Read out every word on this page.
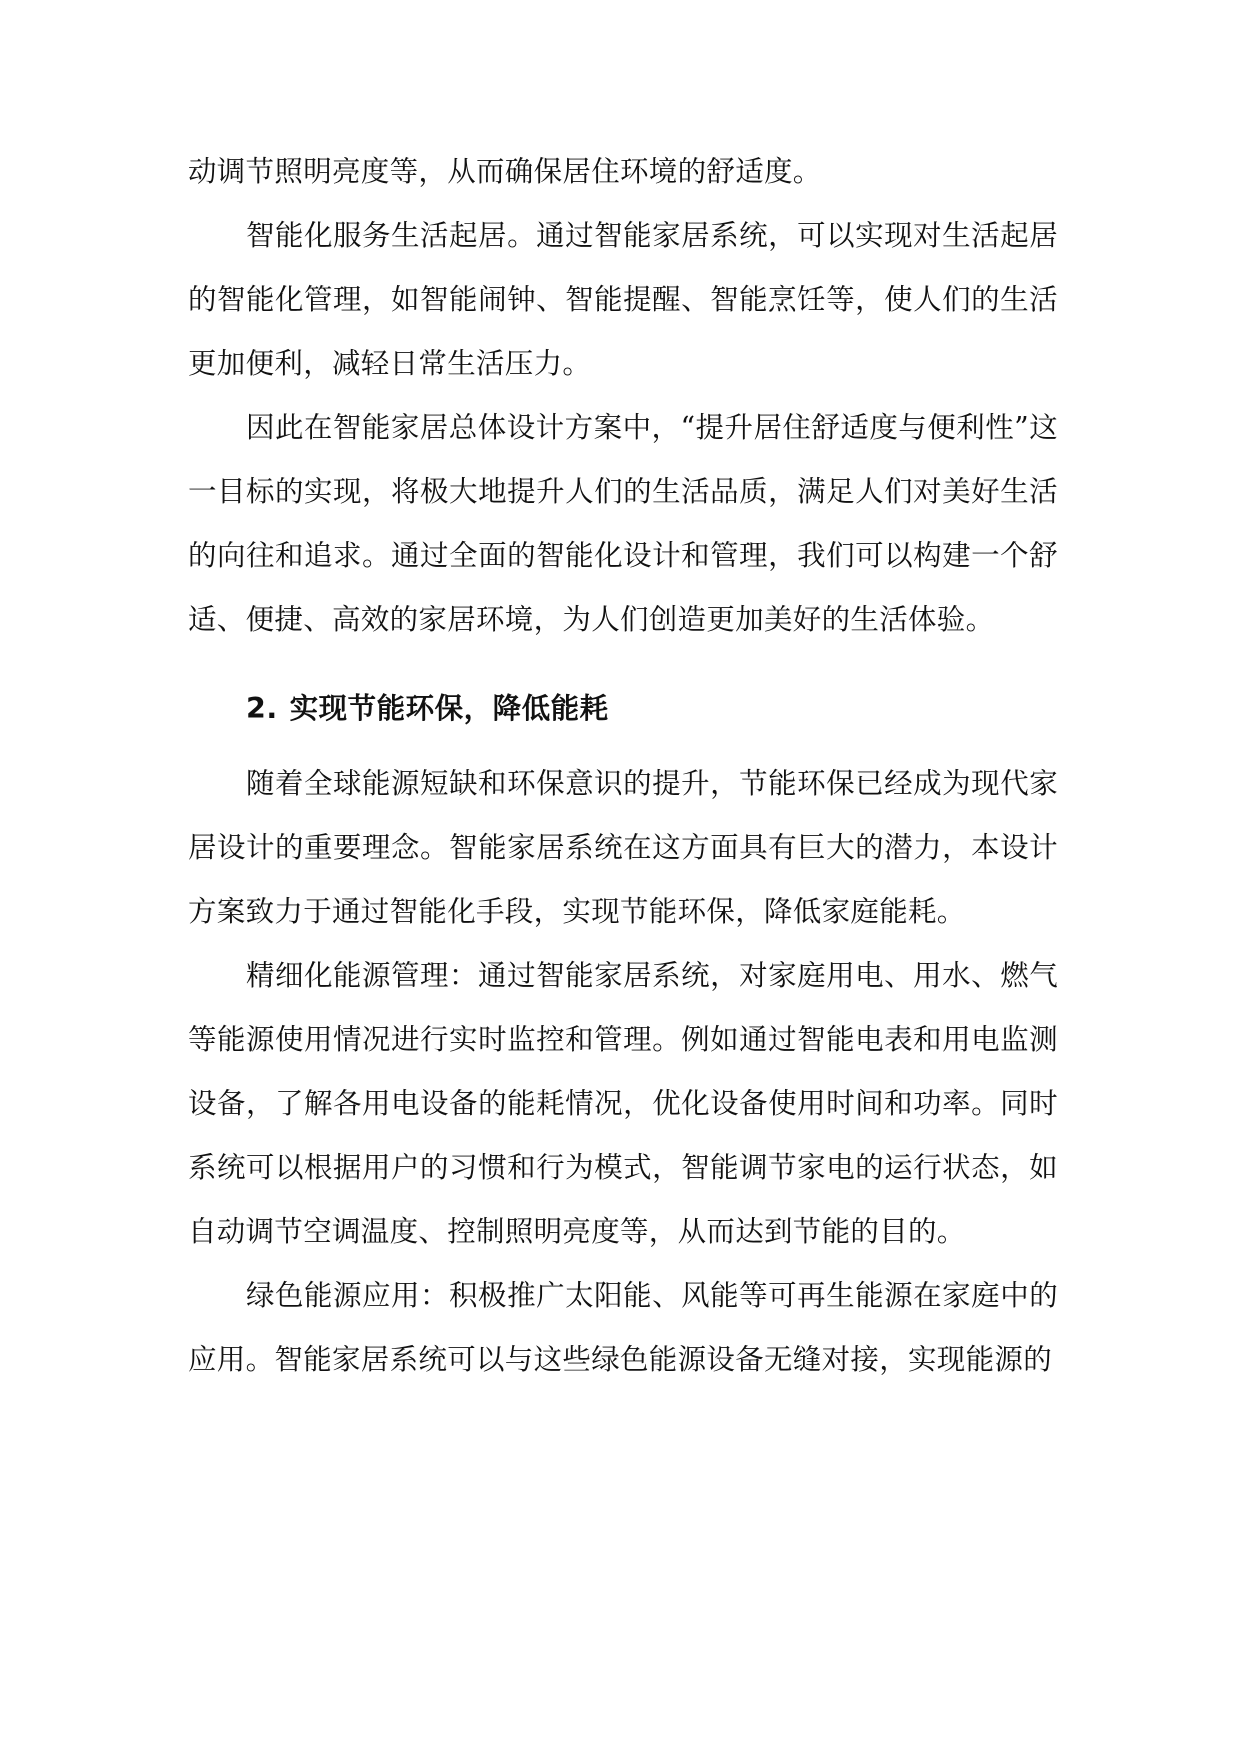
动调节照明亮度等，从而确保居住环境的舒适度。

智能化服务生活起居。通过智能家居系统，可以实现对生活起居的智能化管理，如智能闹钟、智能提醒、智能烹饪等，使人们的生活更加便利，减轻日常生活压力。

因此在智能家居总体设计方案中，“提升居住舒适度与便利性”这一目标的实现，将极大地提升人们的生活品质，满足人们对美好生活的向往和追求。通过全面的智能化设计和管理，我们可以构建一个舒适、便捷、高效的家居环境，为人们创造更加美好的生活体验。

2. 实现节能环保，降低能耗

随着全球能源短缺和环保意识的提升，节能环保已经成为现代家居设计的重要理念。智能家居系统在这方面具有巨大的潜力，本设计方案致力于通过智能化手段，实现节能环保，降低家庭能耗。

精细化能源管理：通过智能家居系统，对家庭用电、用水、燃气等能源使用情况进行实时监控和管理。例如通过智能电表和用电监测设备，了解各用电设备的能耗情况，优化设备使用时间和功率。同时系统可以根据用户的习惯和行为模式，智能调节家电的运行状态，如自动调节空调温度、控制照明亮度等，从而达到节能的目的。

绿色能源应用：积极推广太阳能、风能等可再生能源在家庭中的应用。智能家居系统可以与这些绿色能源设备无缝对接，实现能源的
